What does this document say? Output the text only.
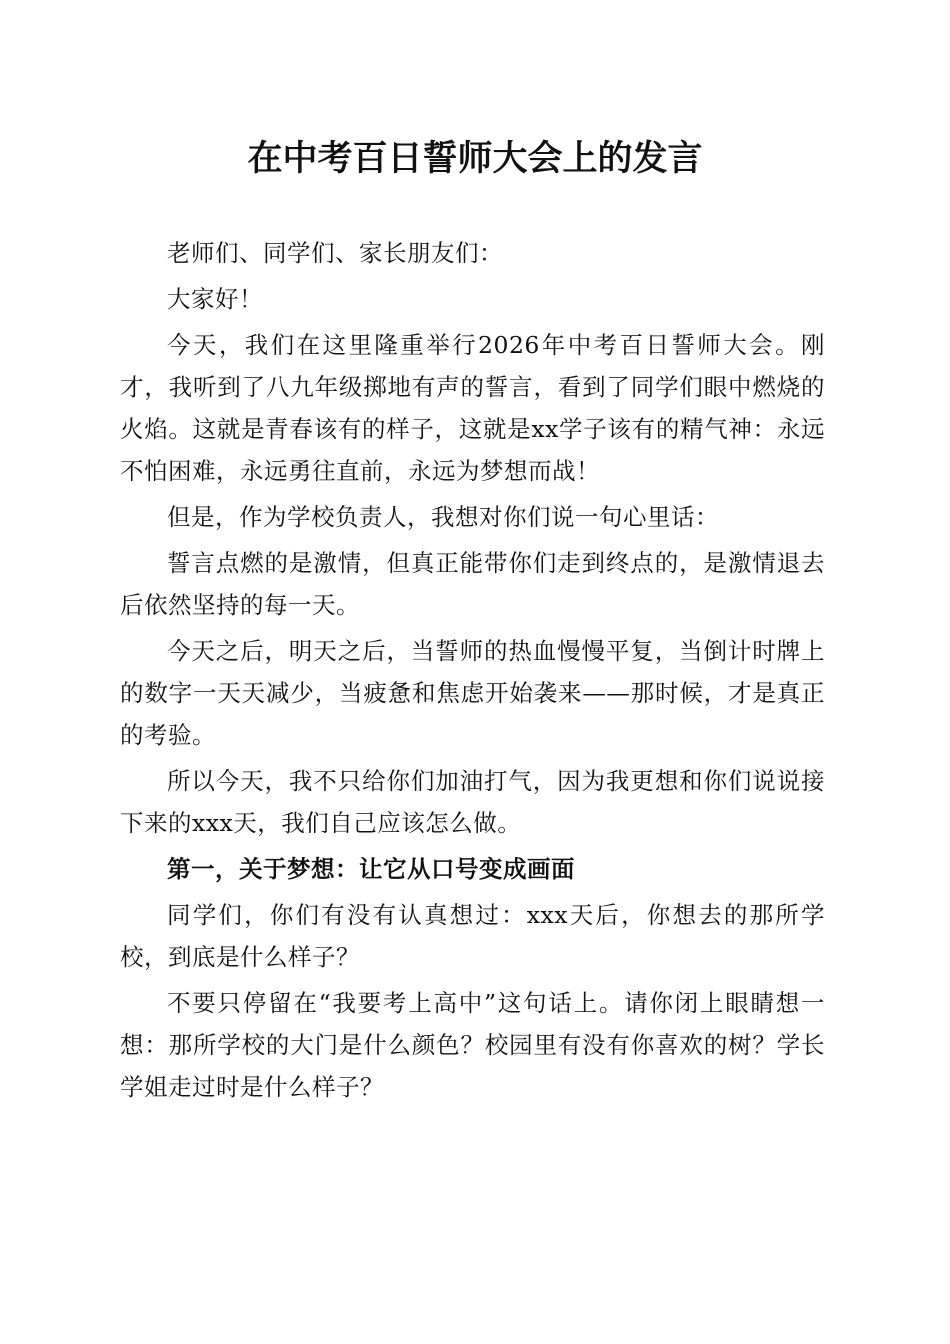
在中考百日誓师大会上的发言

老师们、同学们、家长朋友们：

大家好！

今天，我们在这里隆重举行2026年中考百日誓师大会。刚才，我听到了八九年级掷地有声的誓言，看到了同学们眼中燃烧的火焰。这就是青春该有的样子，这就是xx学子该有的精气神：永远不怕困难，永远勇往直前，永远为梦想而战！

但是，作为学校负责人，我想对你们说一句心里话：

誓言点燃的是激情，但真正能带你们走到终点的，是激情退去后依然坚持的每一天。

今天之后，明天之后，当誓师的热血慢慢平复，当倒计时牌上的数字一天天减少，当疲惫和焦虑开始袭来——那时候，才是真正的考验。

所以今天，我不只给你们加油打气，因为我更想和你们说说接下来的xxx天，我们自己应该怎么做。

第一，关于梦想：让它从口号变成画面

同学们，你们有没有认真想过：xxx天后，你想去的那所学校，到底是什么样子？

不要只停留在“我要考上高中”这句话上。请你闭上眼睛想一想：那所学校的大门是什么颜色？校园里有没有你喜欢的树？学长学姐走过时是什么样子？
